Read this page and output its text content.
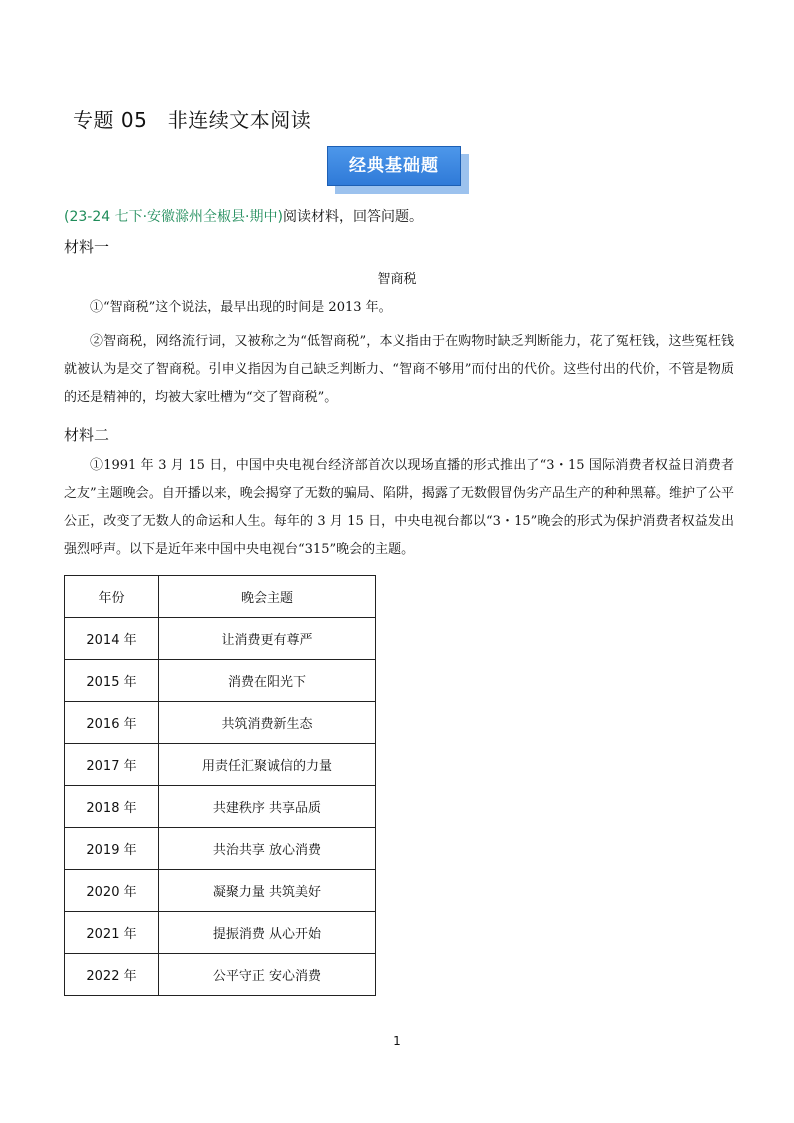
专题 05　非连续文本阅读
经典基础题
(23-24 七下·安徽滁州全椒县·期中)阅读材料，回答问题。
材料一
智商税

①“智商税”这个说法，最早出现的时间是 2013 年。

②智商税，网络流行词，又被称之为“低智商税”，本义指由于在购物时缺乏判断能力，花了冤枉钱，这些冤枉钱就被认为是交了智商税。引申义指因为自己缺乏判断力、“智商不够用”而付出的代价。这些付出的代价，不管是物质的还是精神的，均被大家吐槽为“交了智商税”。

材料二

①1991 年 3 月 15 日，中国中央电视台经济部首次以现场直播的形式推出了“3・15 国际消费者权益日消费者之友”主题晚会。自开播以来，晚会揭穿了无数的骗局、陷阱，揭露了无数假冒伪劣产品生产的种种黑幕。维护了公平公正，改变了无数人的命运和人生。每年的 3 月 15 日，中央电视台都以“3・15”晚会的形式为保护消费者权益发出强烈呼声。以下是近年来中国中央电视台“315”晚会的主题。

年份	晚会主题
2014 年	让消费更有尊严
2015 年	消费在阳光下
2016 年	共筑消费新生态
2017 年	用责任汇聚诚信的力量
2018 年	共建秩序 共享品质
2019 年	共治共享 放心消费
2020 年	凝聚力量 共筑美好
2021 年	提振消费 从心开始
2022 年	公平守正 安心消费
1
